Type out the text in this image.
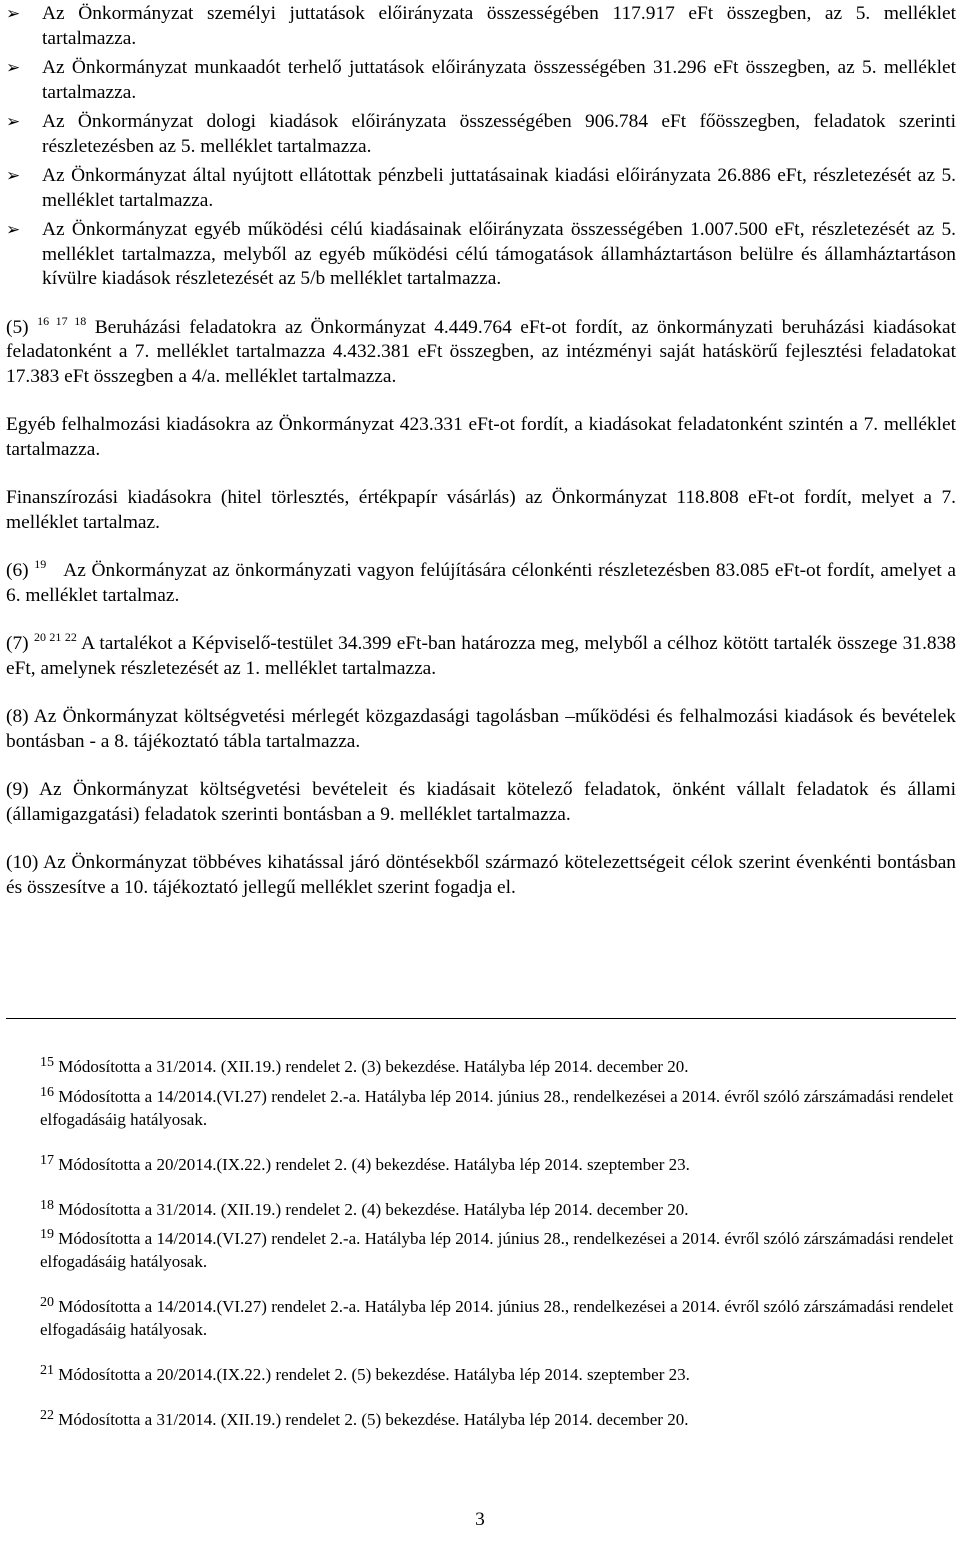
➢ Az Önkormányzat személyi juttatások előirányzata összességében 117.917 eFt összegben, az 5. melléklet tartalmazza.
➢ Az Önkormányzat munkaadót terhelő juttatások előirányzata összességében 31.296 eFt összegben, az 5. melléklet tartalmazza.
➢ Az Önkormányzat dologi kiadások előirányzata összességében 906.784 eFt főösszegben, feladatok szerinti részletezésben az 5. melléklet tartalmazza.
➢ Az Önkormányzat által nyújtott ellátottak pénzbeli juttatásainak kiadási előirányzata 26.886 eFt, részletezését az 5. melléklet tartalmazza.
➢ Az Önkormányzat egyéb működési célú kiadásainak előirányzata összességében 1.007.500 eFt, részletezését az 5. melléklet tartalmazza, melyből az egyéb működési célú támogatások államháztartáson belülre és államháztartáson kívülre kiadások részletezését az 5/b melléklet tartalmazza.

(5) $^{16 17 18}$ Beruházási feladatokra az Önkormányzat 4.449.764 eFt-ot fordít, az önkormányzati beruházási kiadásokat feladatonként a 7. melléklet tartalmazza 4.432.381 eFt összegben, az intézményi saját hatáskörű fejlesztési feladatokat 17.383 eFt összegben a 4/a. melléklet tartalmazza.

Egyéb felhalmozási kiadásokra az Önkormányzat 423.331 eFt-ot fordít, a kiadásokat feladatonként szintén a 7. melléklet tartalmazza.

Finanszírozási kiadásokra (hitel törlesztés, értékpapír vásárlás) az Önkormányzat 118.808 eFt-ot fordít, melyet a 7. melléklet tartalmaz.

(6) $^{19}$ Az Önkormányzat az önkormányzati vagyon felújítására célonkénti részletezésben 83.085 eFt-ot fordít, amelyet a 6. melléklet tartalmaz.

(7) $^{20 21 22}$ A tartalékot a Képviselő-testület 34.399 eFt-ban határozza meg, melyből a célhoz kötött tartalék összege 31.838 eFt, amelynek részletezését az 1. melléklet tartalmazza.

(8) Az Önkormányzat költségvetési mérlegét közgazdasági tagolásban –működési és felhalmozási kiadások és bevételek bontásban - a 8. tájékoztató tábla tartalmazza.

(9) Az Önkormányzat költségvetési bevételeit és kiadásait kötelező feladatok, önként vállalt feladatok és állami (államigazgatási) feladatok szerinti bontásban a 9. melléklet tartalmazza.

(10) Az Önkormányzat többéves kihatással járó döntésekből származó kötelezettségeit célok szerint évenkénti bontásban és összesítve a 10. tájékoztató jellegű melléklet szerint fogadja el.

$^{15}$ Módosította a 31/2014. (XII.19.) rendelet 2. (3) bekezdése. Hatályba lép 2014. december 20.
$^{16}$ Módosította a 14/2014.(VI.27) rendelet 2.-a. Hatályba lép 2014. június 28., rendelkezései a 2014. évről szóló zárszámadási rendelet elfogadásáig hatályosak.
$^{17}$ Módosította a 20/2014.(IX.22.) rendelet 2. (4) bekezdése. Hatályba lép 2014. szeptember 23.
$^{18}$ Módosította a 31/2014. (XII.19.) rendelet 2. (4) bekezdése. Hatályba lép 2014. december 20.
$^{19}$ Módosította a 14/2014.(VI.27) rendelet 2.-a. Hatályba lép 2014. június 28., rendelkezései a 2014. évről szóló zárszámadási rendelet elfogadásáig hatályosak.
$^{20}$ Módosította a 14/2014.(VI.27) rendelet 2.-a. Hatályba lép 2014. június 28., rendelkezései a 2014. évről szóló zárszámadási rendelet elfogadásáig hatályosak.
$^{21}$ Módosította a 20/2014.(IX.22.) rendelet 2. (5) bekezdése. Hatályba lép 2014. szeptember 23.
$^{22}$ Módosította a 31/2014. (XII.19.) rendelet 2. (5) bekezdése. Hatályba lép 2014. december 20.
3
